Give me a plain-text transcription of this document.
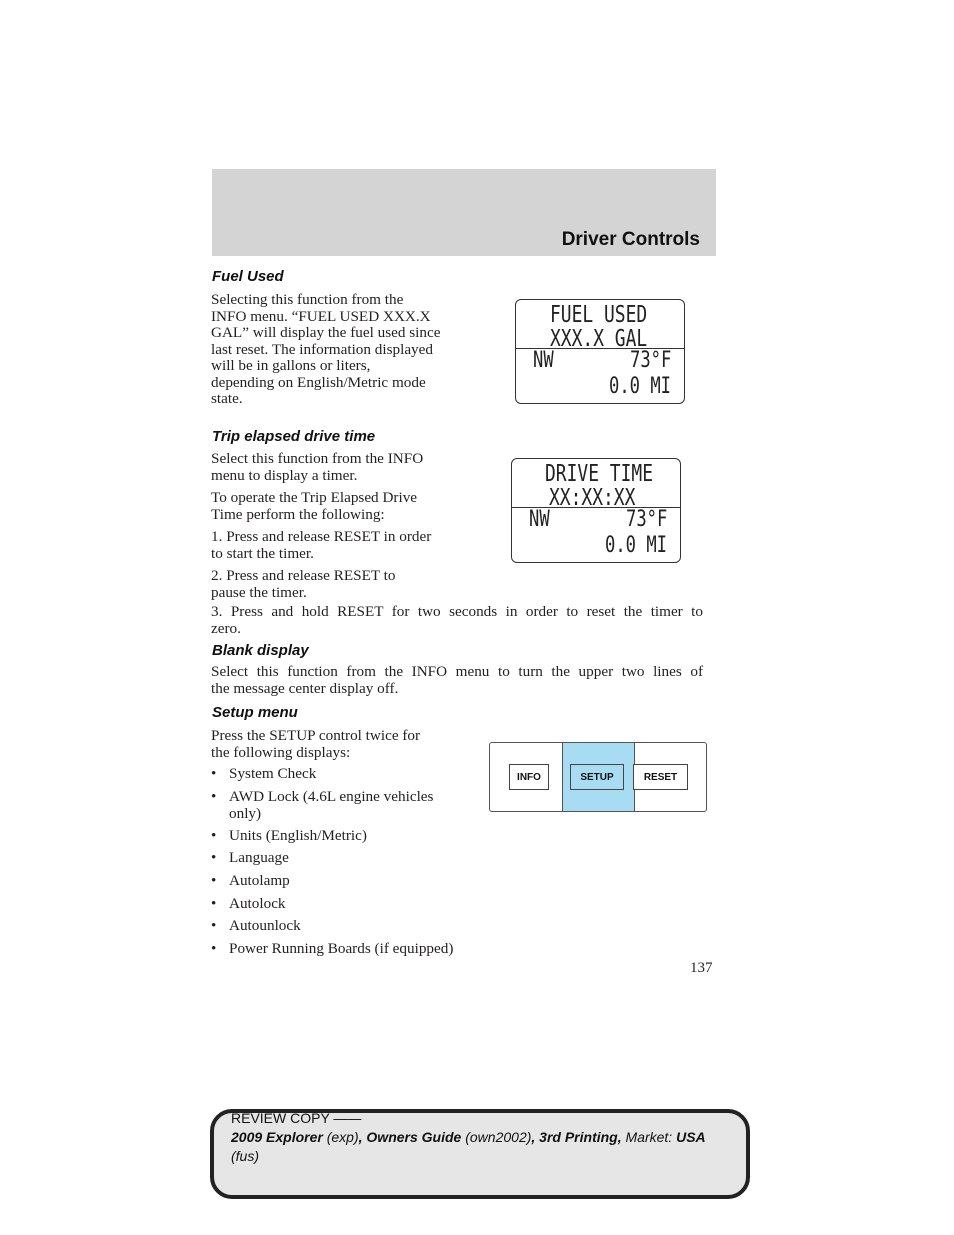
Driver Controls
Fuel Used
Selecting this function from the
INFO menu. “FUEL USED XXX.X
GAL” will display the fuel used since
last reset. The information displayed
will be in gallons or liters,
depending on English/Metric mode
state.
FUEL USED
XXX.X GAL
NW	73°F
0.0 MI
Trip elapsed drive time
Select this function from the INFO
menu to display a timer.
To operate the Trip Elapsed Drive
Time perform the following:
1. Press and release RESET in order
to start the timer.
2. Press and release RESET to
pause the timer.
3. Press and hold RESET for two seconds in order to reset the timer to
zero.
DRIVE TIME
XX:XX:XX
NW	73°F
0.0 MI
Blank display
Select this function from the INFO menu to turn the upper two lines of
the message center display off.
Setup menu
Press the SETUP control twice for
the following displays:
• System Check
• AWD Lock (4.6L engine vehicles
only)
• Units (English/Metric)
• Language
• Autolamp
• Autolock
• Autounlock
• Power Running Boards (if equipped)
INFO	SETUP	RESET
137
REVIEW COPY ——
2009 Explorer (exp), Owners Guide (own2002), 3rd Printing, Market: USA
(fus)
